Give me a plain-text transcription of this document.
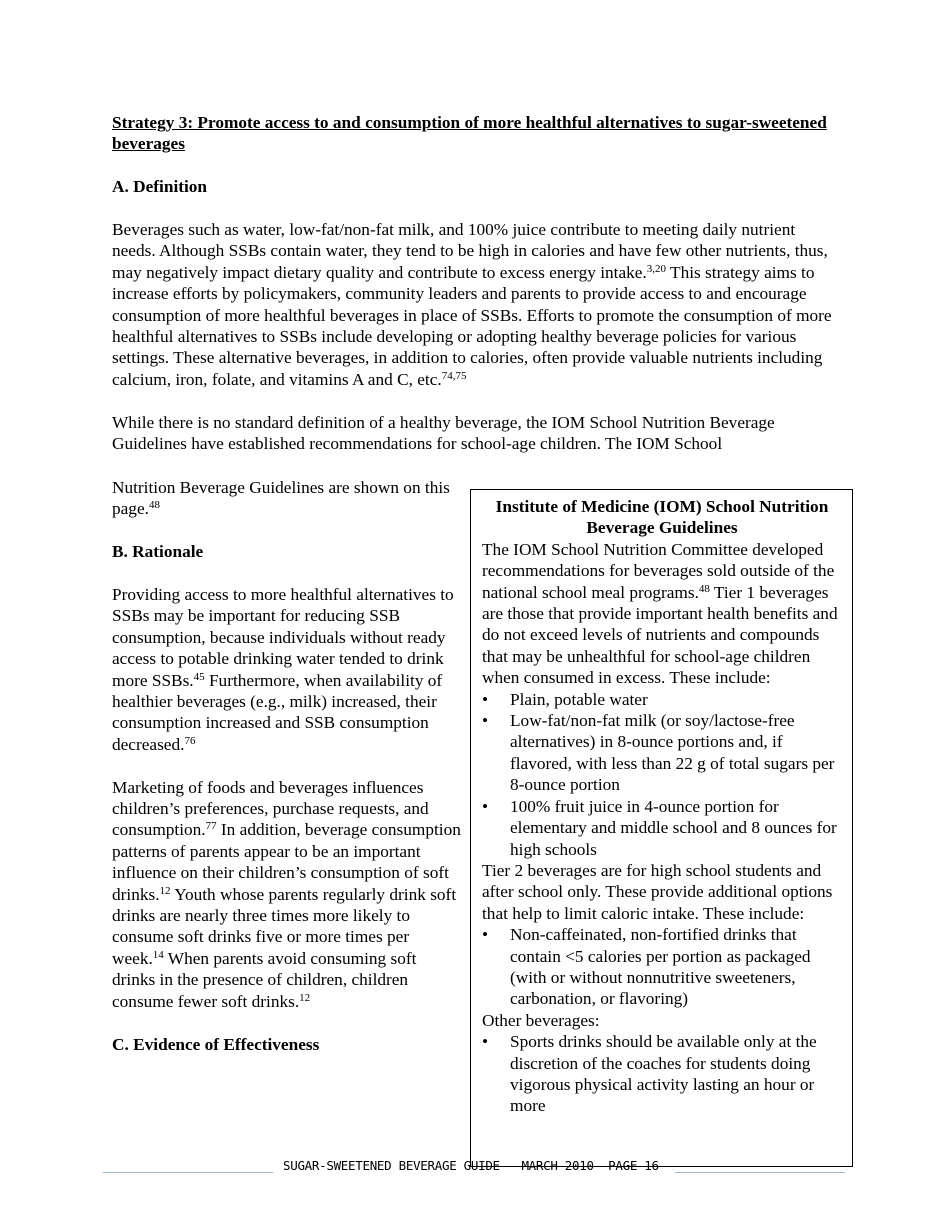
Strategy 3: Promote access to and consumption of more healthful alternatives to sugar-sweetened beverages

A. Definition

Beverages such as water, low-fat/non-fat milk, and 100% juice contribute to meeting daily nutrient needs. Although SSBs contain water, they tend to be high in calories and have few other nutrients, thus, may negatively impact dietary quality and contribute to excess energy intake.$^{3,20}$ This strategy aims to increase efforts by policymakers, community leaders and parents to provide access to and encourage consumption of more healthful beverages in place of SSBs. Efforts to promote the consumption of more healthful alternatives to SSBs include developing or adopting healthy beverage policies for various settings. These alternative beverages, in addition to calories, often provide valuable nutrients including calcium, iron, folate, and vitamins A and C, etc.$^{74,75}$

While there is no standard definition of a healthy beverage, the IOM School Nutrition Beverage Guidelines have established recommendations for school-age children. The IOM School

Nutrition Beverage Guidelines are shown on this page.$^{48}$

B. Rationale

Providing access to more healthful alternatives to SSBs may be important for reducing SSB consumption, because individuals without ready access to potable drinking water tended to drink more SSBs.$^{45}$ Furthermore, when availability of healthier beverages (e.g., milk) increased, their consumption increased and SSB consumption decreased.$^{76}$

Marketing of foods and beverages influences children’s preferences, purchase requests, and consumption.$^{77}$ In addition, beverage consumption patterns of parents appear to be an important influence on their children’s consumption of soft drinks.$^{12}$ Youth whose parents regularly drink soft drinks are nearly three times more likely to consume soft drinks five or more times per week.$^{14}$ When parents avoid consuming soft drinks in the presence of children, children consume fewer soft drinks.$^{12}$

C. Evidence of Effectiveness

Institute of Medicine (IOM) School Nutrition Beverage Guidelines

The IOM School Nutrition Committee developed recommendations for beverages sold outside of the national school meal programs.$^{48}$ Tier 1 beverages are those that provide important health benefits and do not exceed levels of nutrients and compounds that may be unhealthful for school-age children when consumed in excess. These include:

• Plain, potable water
• Low-fat/non-fat milk (or soy/lactose-free alternatives) in 8-ounce portions and, if flavored, with less than 22 g of total sugars per 8-ounce portion
• 100% fruit juice in 4-ounce portion for elementary and middle school and 8 ounces for high schools

Tier 2 beverages are for high school students and after school only. These provide additional options that help to limit caloric intake. These include:

• Non-caffeinated, non-fortified drinks that contain <5 calories per portion as packaged (with or without nonnutritive sweeteners, carbonation, or flavoring)

Other beverages:

• Sports drinks should be available only at the discretion of the coaches for students doing vigorous physical activity lasting an hour or more
SUGAR-SWEETENED BEVERAGE GUIDE – MARCH 2010 -PAGE 16
